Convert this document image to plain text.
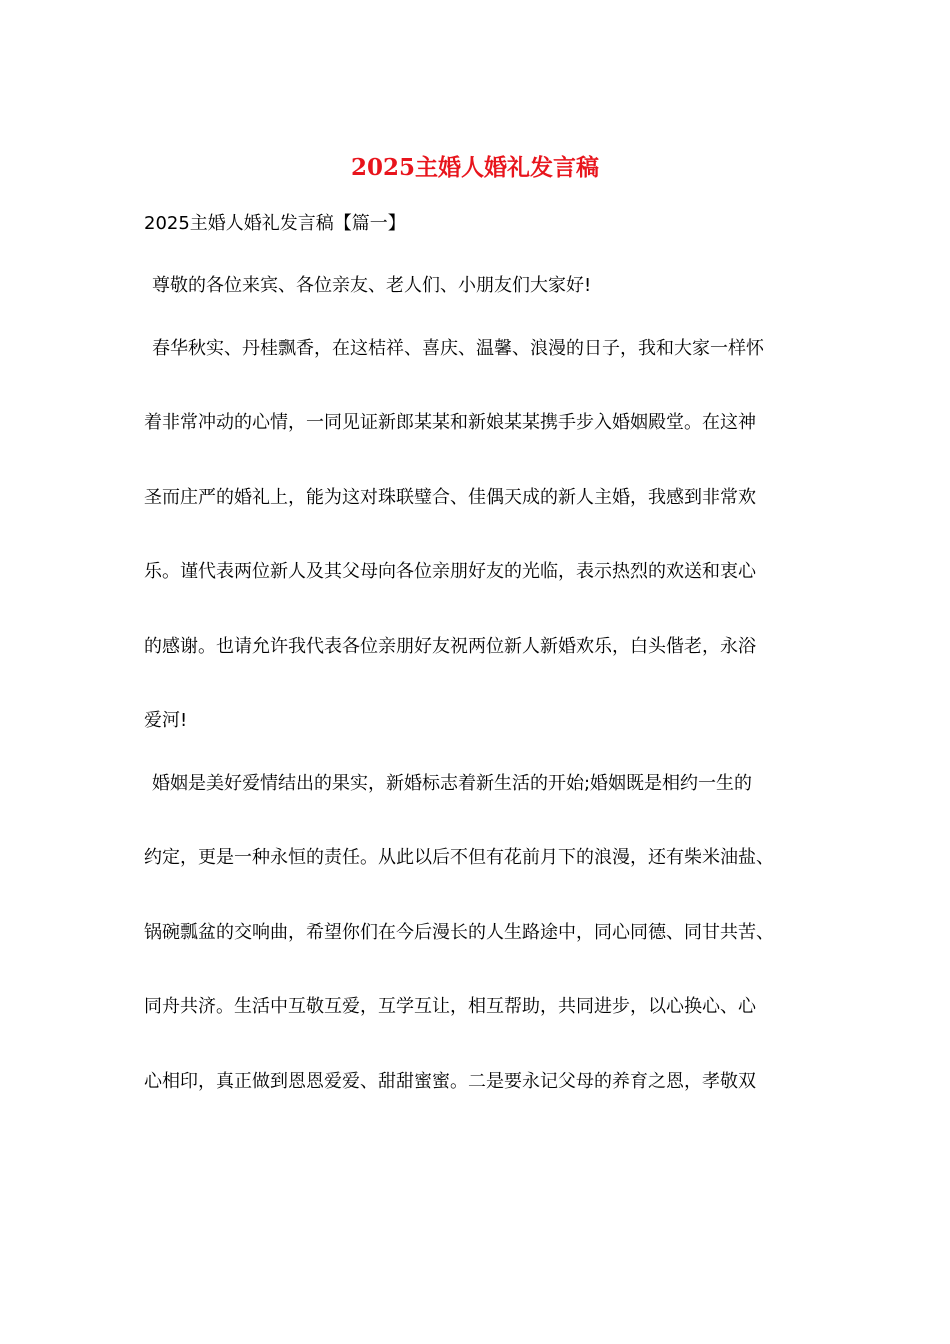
2025主婚人婚礼发言稿

2025主婚人婚礼发言稿【篇一】

尊敬的各位来宾、各位亲友、老人们、小朋友们大家好!

春华秋实、丹桂飘香，在这桔祥、喜庆、温馨、浪漫的日子，我和大家一样怀

着非常冲动的心情，一同见证新郎某某和新娘某某携手步入婚姻殿堂。在这神

圣而庄严的婚礼上，能为这对珠联璧合、佳偶天成的新人主婚，我感到非常欢

乐。谨代表两位新人及其父母向各位亲朋好友的光临，表示热烈的欢送和衷心

的感谢。也请允许我代表各位亲朋好友祝两位新人新婚欢乐，白头偕老，永浴

爱河!

婚姻是美好爱情结出的果实，新婚标志着新生活的开始;婚姻既是相约一生的

约定，更是一种永恒的责任。从此以后不但有花前月下的浪漫，还有柴米油盐、

锅碗瓢盆的交响曲，希望你们在今后漫长的人生路途中，同心同德、同甘共苦、

同舟共济。生活中互敬互爱，互学互让，相互帮助，共同进步，以心换心、心

心相印，真正做到恩恩爱爱、甜甜蜜蜜。二是要永记父母的养育之恩，孝敬双
